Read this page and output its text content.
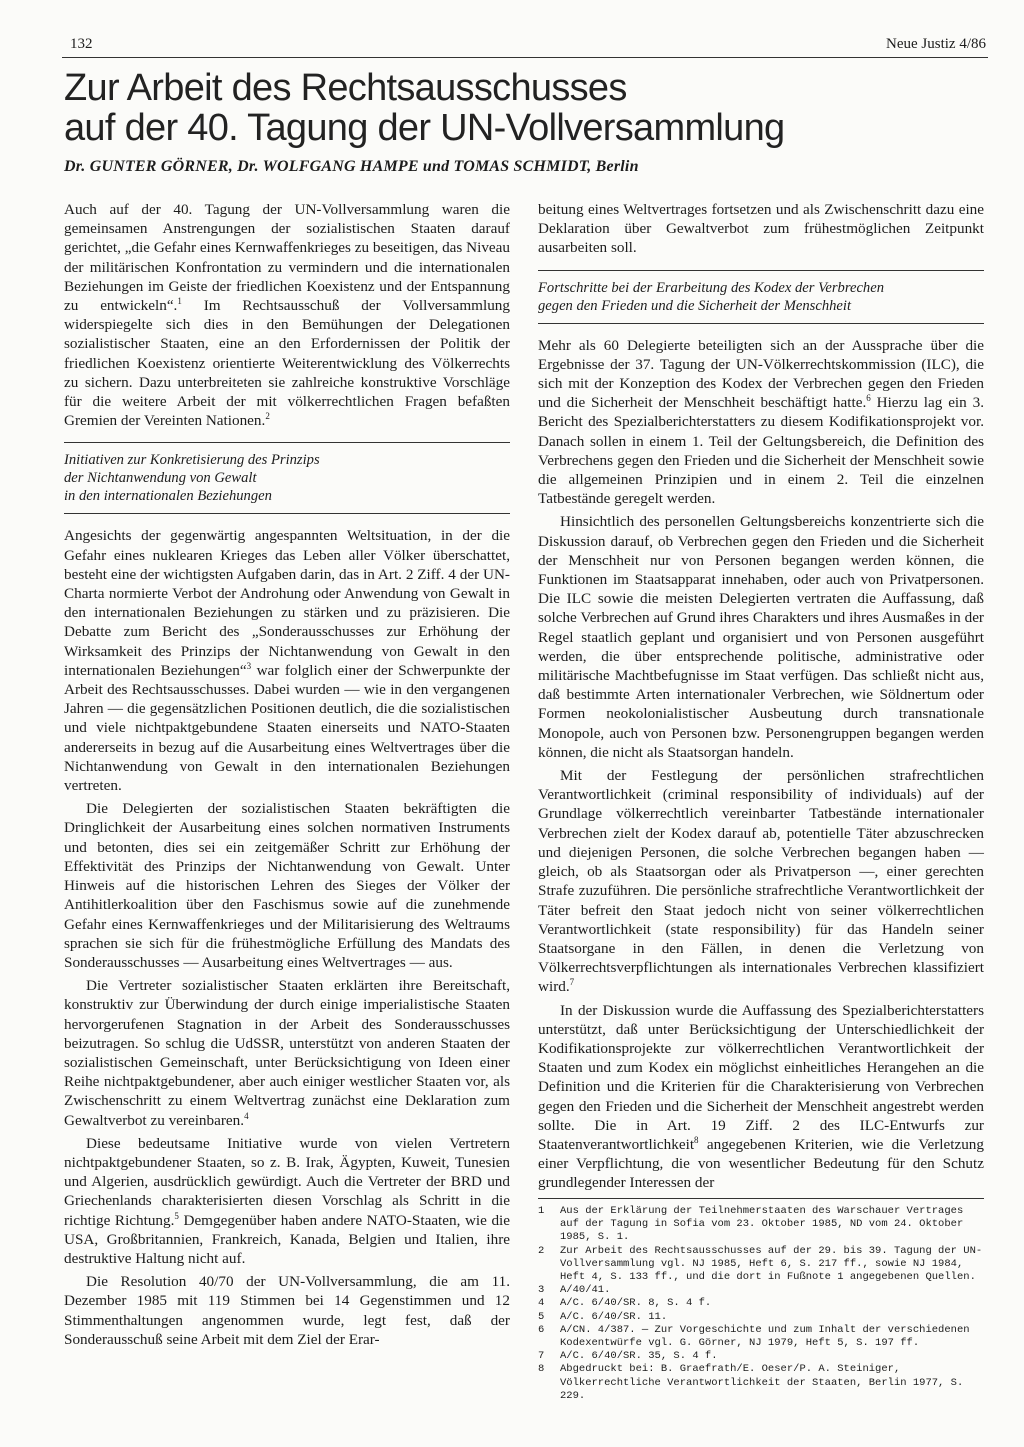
132	Neue Justiz 4/86
Zur Arbeit des Rechtsausschusses
auf der 40. Tagung der UN-Vollversammlung
Dr. GUNTER GÖRNER, Dr. WOLFGANG HAMPE und TOMAS SCHMIDT, Berlin

Auch auf der 40. Tagung der UN-Vollversammlung waren die gemeinsamen Anstrengungen der sozialistischen Staaten darauf gerichtet, „die Gefahr eines Kernwaffenkrieges zu beseitigen, das Niveau der militärischen Konfrontation zu vermindern und die internationalen Beziehungen im Geiste der friedlichen Koexistenz und der Entspannung zu entwickeln“.$^1$ Im Rechtsausschuß der Vollversammlung widerspiegelte sich dies in den Bemühungen der Delegationen sozialistischer Staaten, eine an den Erfordernissen der Politik der friedlichen Koexistenz orientierte Weiterentwicklung des Völkerrechts zu sichern. Dazu unterbreiteten sie zahlreiche konstruktive Vorschläge für die weitere Arbeit der mit völkerrechtlichen Fragen befaßten Gremien der Vereinten Nationen.$^2$

Initiativen zur Konkretisierung des Prinzips
der Nichtanwendung von Gewalt
in den internationalen Beziehungen

Angesichts der gegenwärtig angespannten Weltsituation, in der die Gefahr eines nuklearen Krieges das Leben aller Völker überschattet, besteht eine der wichtigsten Aufgaben darin, das in Art. 2 Ziff. 4 der UN-Charta normierte Verbot der Androhung oder Anwendung von Gewalt in den internationalen Beziehungen zu stärken und zu präzisieren. Die Debatte zum Bericht des „Sonderausschusses zur Erhöhung der Wirksamkeit des Prinzips der Nichtanwendung von Gewalt in den internationalen Beziehungen“$^3$ war folglich einer der Schwerpunkte der Arbeit des Rechtsausschusses. Dabei wurden — wie in den vergangenen Jahren — die gegensätzlichen Positionen deutlich, die die sozialistischen und viele nichtpaktgebundene Staaten einerseits und NATO-Staaten andererseits in bezug auf die Ausarbeitung eines Weltvertrages über die Nichtanwendung von Gewalt in den internationalen Beziehungen vertreten.

Die Delegierten der sozialistischen Staaten bekräftigten die Dringlichkeit der Ausarbeitung eines solchen normativen Instruments und betonten, dies sei ein zeitgemäßer Schritt zur Erhöhung der Effektivität des Prinzips der Nichtanwendung von Gewalt. Unter Hinweis auf die historischen Lehren des Sieges der Völker der Antihitlerkoalition über den Faschismus sowie auf die zunehmende Gefahr eines Kernwaffenkrieges und der Militarisierung des Weltraums sprachen sie sich für die frühestmögliche Erfüllung des Mandats des Sonderausschusses — Ausarbeitung eines Weltvertrages — aus.

Die Vertreter sozialistischer Staaten erklärten ihre Bereitschaft, konstruktiv zur Überwindung der durch einige imperialistische Staaten hervorgerufenen Stagnation in der Arbeit des Sonderausschusses beizutragen. So schlug die UdSSR, unterstützt von anderen Staaten der sozialistischen Gemeinschaft, unter Berücksichtigung von Ideen einer Reihe nichtpaktgebundener, aber auch einiger westlicher Staaten vor, als Zwischenschritt zu einem Weltvertrag zunächst eine Deklaration zum Gewaltverbot zu vereinbaren.$^4$

Diese bedeutsame Initiative wurde von vielen Vertretern nichtpaktgebundener Staaten, so z. B. Irak, Ägypten, Kuweit, Tunesien und Algerien, ausdrücklich gewürdigt. Auch die Vertreter der BRD und Griechenlands charakterisierten diesen Vorschlag als Schritt in die richtige Richtung.$^5$ Demgegenüber haben andere NATO-Staaten, wie die USA, Großbritannien, Frankreich, Kanada, Belgien und Italien, ihre destruktive Haltung nicht auf.

Die Resolution 40/70 der UN-Vollversammlung, die am 11. Dezember 1985 mit 119 Stimmen bei 14 Gegenstimmen und 12 Stimmenthaltungen angenommen wurde, legt fest, daß der Sonderausschuß seine Arbeit mit dem Ziel der Erar-

beitung eines Weltvertrages fortsetzen und als Zwischenschritt dazu eine Deklaration über Gewaltverbot zum frühestmöglichen Zeitpunkt ausarbeiten soll.

Fortschritte bei der Erarbeitung des Kodex der Verbrechen
gegen den Frieden und die Sicherheit der Menschheit

Mehr als 60 Delegierte beteiligten sich an der Aussprache über die Ergebnisse der 37. Tagung der UN-Völkerrechtskommission (ILC), die sich mit der Konzeption des Kodex der Verbrechen gegen den Frieden und die Sicherheit der Menschheit beschäftigt hatte.$^6$ Hierzu lag ein 3. Bericht des Spezialberichterstatters zu diesem Kodifikationsprojekt vor. Danach sollen in einem 1. Teil der Geltungsbereich, die Definition des Verbrechens gegen den Frieden und die Sicherheit der Menschheit sowie die allgemeinen Prinzipien und in einem 2. Teil die einzelnen Tatbestände geregelt werden.

Hinsichtlich des personellen Geltungsbereichs konzentrierte sich die Diskussion darauf, ob Verbrechen gegen den Frieden und die Sicherheit der Menschheit nur von Personen begangen werden können, die Funktionen im Staatsapparat innehaben, oder auch von Privatpersonen. Die ILC sowie die meisten Delegierten vertraten die Auffassung, daß solche Verbrechen auf Grund ihres Charakters und ihres Ausmaßes in der Regel staatlich geplant und organisiert und von Personen ausgeführt werden, die über entsprechende politische, administrative oder militärische Machtbefugnisse im Staat verfügen. Das schließt nicht aus, daß bestimmte Arten internationaler Verbrechen, wie Söldnertum oder Formen neokolonialistischer Ausbeutung durch transnationale Monopole, auch von Personen bzw. Personengruppen begangen werden können, die nicht als Staatsorgan handeln.

Mit der Festlegung der persönlichen strafrechtlichen Verantwortlichkeit (criminal responsibility of individuals) auf der Grundlage völkerrechtlich vereinbarter Tatbestände internationaler Verbrechen zielt der Kodex darauf ab, potentielle Täter abzuschrecken und diejenigen Personen, die solche Verbrechen begangen haben — gleich, ob als Staatsorgan oder als Privatperson —, einer gerechten Strafe zuzuführen. Die persönliche strafrechtliche Verantwortlichkeit der Täter befreit den Staat jedoch nicht von seiner völkerrechtlichen Verantwortlichkeit (state responsibility) für das Handeln seiner Staatsorgane in den Fällen, in denen die Verletzung von Völkerrechtsverpflichtungen als internationales Verbrechen klassifiziert wird.$^7$

In der Diskussion wurde die Auffassung des Spezialberichterstatters unterstützt, daß unter Berücksichtigung der Unterschiedlichkeit der Kodifikationsprojekte zur völkerrechtlichen Verantwortlichkeit der Staaten und zum Kodex ein möglichst einheitliches Herangehen an die Definition und die Kriterien für die Charakterisierung von Verbrechen gegen den Frieden und die Sicherheit der Menschheit angestrebt werden sollte. Die in Art. 19 Ziff. 2 des ILC-Entwurfs zur Staatenverantwortlichkeit$^8$ angegebenen Kriterien, wie die Verletzung einer Verpflichtung, die von wesentlicher Bedeutung für den Schutz grundlegender Interessen der

1	Aus der Erklärung der Teilnehmerstaaten des Warschauer Vertrages auf der Tagung in Sofia vom 23. Oktober 1985, ND vom 24. Oktober 1985, S. 1.
2	Zur Arbeit des Rechtsausschusses auf der 29. bis 39. Tagung der UN-Vollversammlung vgl. NJ 1985, Heft 6, S. 217 ff., sowie NJ 1984, Heft 4, S. 133 ff., und die dort in Fußnote 1 angegebenen Quellen.
3	A/40/41.
4	A/C. 6/40/SR. 8, S. 4 f.
5	A/C. 6/40/SR. 11.
6	A/CN. 4/387. — Zur Vorgeschichte und zum Inhalt der verschiedenen Kodexentwürfe vgl. G. Görner, NJ 1979, Heft 5, S. 197 ff.
7	A/C. 6/40/SR. 35, S. 4 f.
8	Abgedruckt bei: B. Graefrath/E. Oeser/P. A. Steiniger, Völkerrechtliche Verantwortlichkeit der Staaten, Berlin 1977, S. 229.
